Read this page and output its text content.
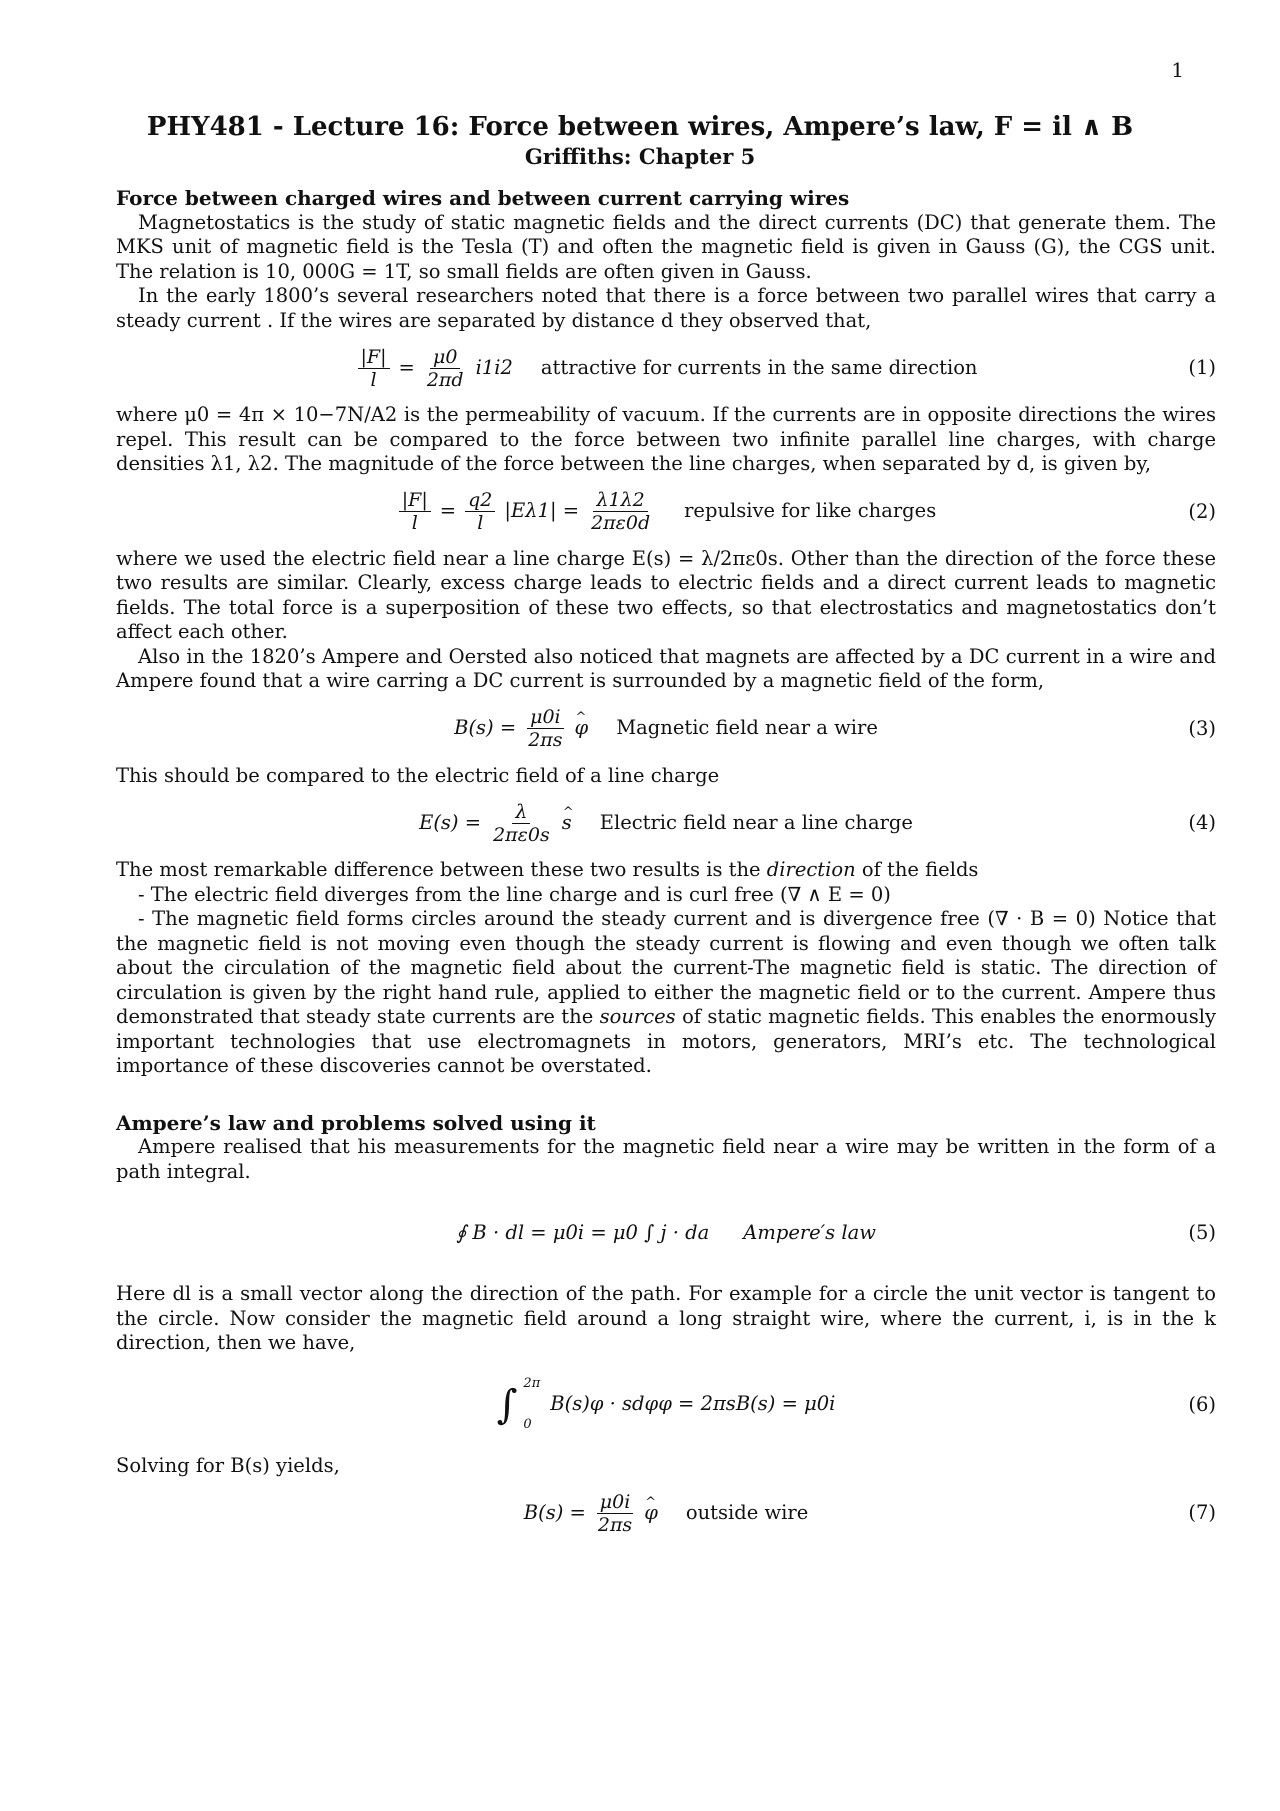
1
PHY481 - Lecture 16: Force between wires, Ampere’s law, F = il ∧ B
Griffiths: Chapter 5
Force between charged wires and between current carrying wires

Magnetostatics is the study of static magnetic fields and the direct currents (DC) that generate them. The MKS unit of magnetic field is the Tesla (T) and often the magnetic field is given in Gauss (G), the CGS unit. The relation is 10, 000G = 1T, so small fields are often given in Gauss.

In the early 1800’s several researchers noted that there is a force between two parallel wires that carry a steady current . If the wires are separated by distance d they observed that,

$\frac{|F|}{l} = \frac{\mu 0}{2\pi d} i1i2$ attractive for currents in the same direction	(1)

where μ0 = 4π × 10−7N/A2 is the permeability of vacuum. If the currents are in opposite directions the wires repel. This result can be compared to the force between two infinite parallel line charges, with charge densities λ1, λ2. The magnitude of the force between the line charges, when separated by d, is given by,

$\frac{|F|}{l} = \frac{q2}{l} |E\lambda 1| = \frac{\lambda 1\lambda 2}{2\pi\varepsilon 0d}$ repulsive for like charges	(2)

where we used the electric field near a line charge E(s) = λ/2πε0s. Other than the direction of the force these two results are similar. Clearly, excess charge leads to electric fields and a direct current leads to magnetic fields. The total force is a superposition of these two effects, so that electrostatics and magnetostatics don’t affect each other.

Also in the 1820’s Ampere and Oersted also noticed that magnets are affected by a DC current in a wire and Ampere found that a wire carring a DC current is surrounded by a magnetic field of the form,

$B(s) = \frac{\mu 0i}{2\pi s}$ ^ φ Magnetic field near a wire	(3)

This should be compared to the electric field of a line charge

$E(s) = \frac{\lambda}{2\pi\varepsilon 0s}$ ^ s Electric field near a line charge	(4)

The most remarkable difference between these two results is the direction of the fields

- The electric field diverges from the line charge and is curl free (∇ ∧ E = 0)

- The magnetic field forms circles around the steady current and is divergence free (∇ · B = 0) Notice that the magnetic field is not moving even though the steady current is flowing and even though we often talk about the circulation of the magnetic field about the current-The magnetic field is static. The direction of circulation is given by the right hand rule, applied to either the magnetic field or to the current. Ampere thus demonstrated that steady state currents are the sources of static magnetic fields. This enables the enormously important technologies that use electromagnets in motors, generators, MRI’s etc. The technological importance of these discoveries cannot be overstated.

Ampere’s law and problems solved using it

Ampere realised that his measurements for the magnetic field near a wire may be written in the form of a path integral.

∮ B · dl = μ0i = μ0 ∫ j · da Ampere′s law	(5)

Here dl is a small vector along the direction of the path. For example for a circle the unit vector is tangent to the circle. Now consider the magnetic field around a long straight wire, where the current, i, is in the k direction, then we have,

∫ 2π
0
B(s)φ · sdφφ = 2πsB(s) = μ0i	(6)

Solving for B(s) yields,

$B(s) = \frac{\mu 0i}{2\pi s}$ ^ φ outside wire	(7)
